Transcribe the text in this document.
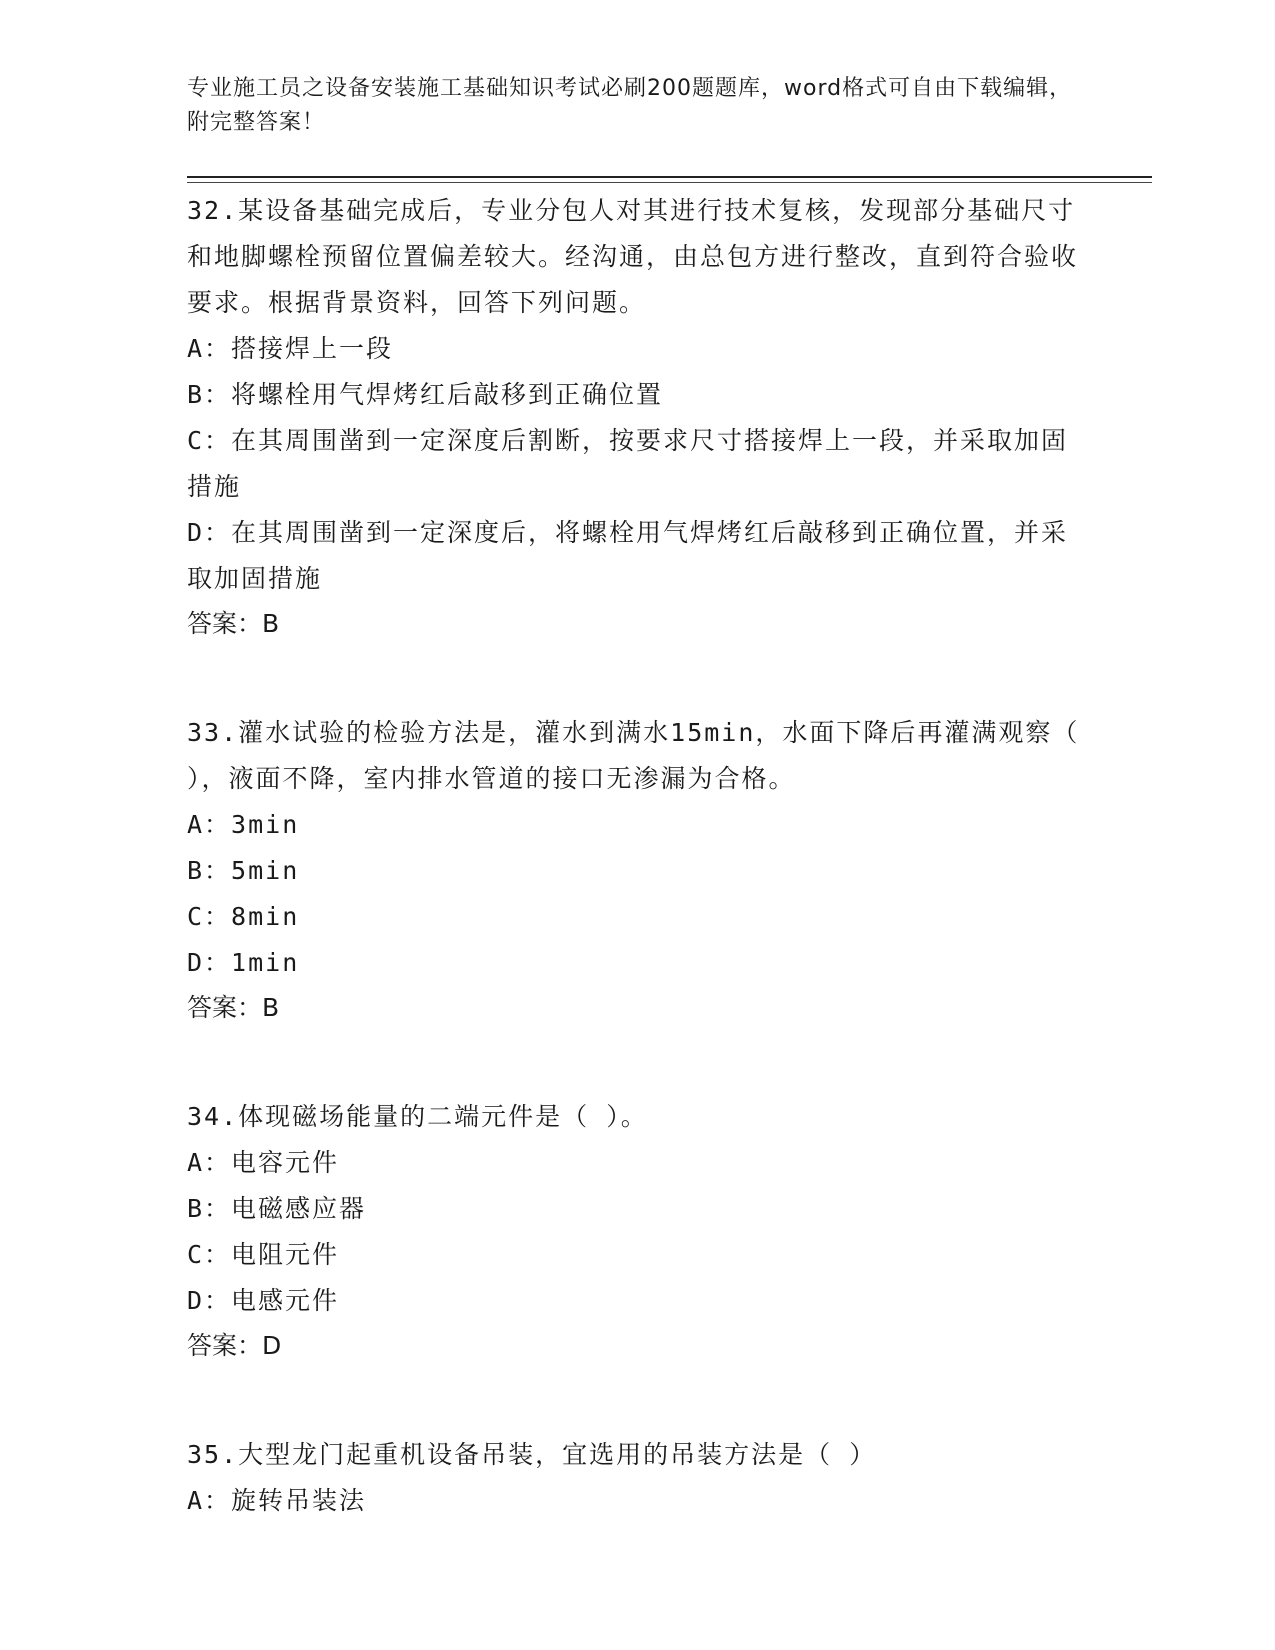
专业施工员之设备安装施工基础知识考试必刷200题题库，word格式可自由下载编辑，附完整答案！

32.某设备基础完成后，专业分包人对其进行技术复核，发现部分基础尺寸和地脚螺栓预留位置偏差较大。经沟通，由总包方进行整改，直到符合验收要求。根据背景资料，回答下列问题。

A：搭接焊上一段

B：将螺栓用气焊烤红后敲移到正确位置

C：在其周围凿到一定深度后割断，按要求尺寸搭接焊上一段，并采取加固措施

D：在其周围凿到一定深度后，将螺栓用气焊烤红后敲移到正确位置，并采取加固措施

答案：B

33.灌水试验的检验方法是，灌水到满水15min，水面下降后再灌满观察（ ），液面不降，室内排水管道的接口无渗漏为合格。

A：3min

B：5min

C：8min

D：1min

答案：B

34.体现磁场能量的二端元件是（ ）。

A：电容元件

B：电磁感应器

C：电阻元件

D：电感元件

答案：D

35.大型龙门起重机设备吊装，宜选用的吊装方法是（ ）

A：旋转吊装法
